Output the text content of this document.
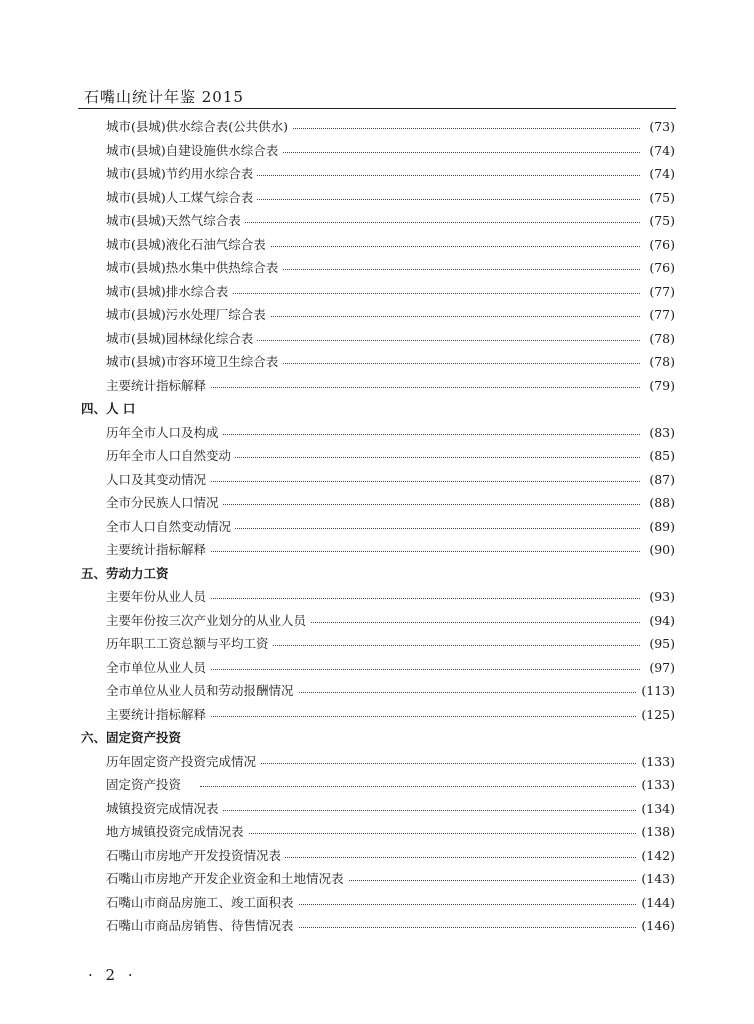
石嘴山统计年鉴 2015
城市(县城)供水综合表(公共供水)	(73)
城市(县城)自建设施供水综合表	(74)
城市(县城)节约用水综合表	(74)
城市(县城)人工煤气综合表	(75)
城市(县城)天然气综合表	(75)
城市(县城)液化石油气综合表	(76)
城市(县城)热水集中供热综合表	(76)
城市(县城)排水综合表	(77)
城市(县城)污水处理厂综合表	(77)
城市(县城)园林绿化综合表	(78)
城市(县城)市容环境卫生综合表	(78)
主要统计指标解释	(79)
四、人 口
历年全市人口及构成	(83)
历年全市人口自然变动	(85)
人口及其变动情况	(87)
全市分民族人口情况	(88)
全市人口自然变动情况	(89)
主要统计指标解释	(90)
五、劳动力工资
主要年份从业人员	(93)
主要年份按三次产业划分的从业人员	(94)
历年职工工资总额与平均工资	(95)
全市单位从业人员	(97)
全市单位从业人员和劳动报酬情况	(113)
主要统计指标解释	(125)
六、固定资产投资
历年固定资产投资完成情况	(133)
固定资产投资	(133)
城镇投资完成情况表	(134)
地方城镇投资完成情况表	(138)
石嘴山市房地产开发投资情况表	(142)
石嘴山市房地产开发企业资金和土地情况表	(143)
石嘴山市商品房施工、竣工面积表	(144)
石嘴山市商品房销售、待售情况表	(146)
· 2 ·
